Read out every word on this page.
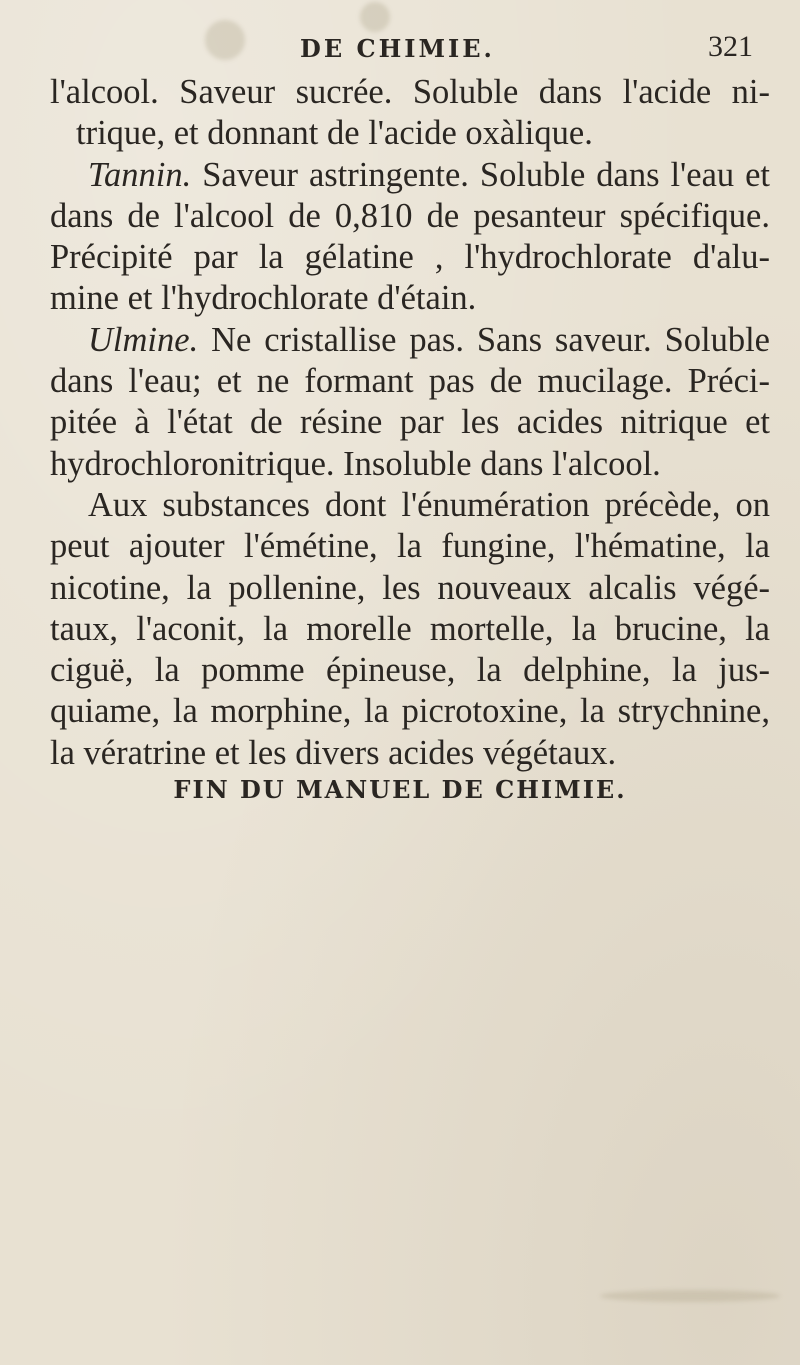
DE CHIMIE.	321
l'alcool. Saveur sucrée. Soluble dans l'acide ni-
trique, et donnant de l'acide oxàlique.
Tannin. Saveur astringente. Soluble dans l'eau et
dans de l'alcool de 0,810 de pesanteur spécifique.
Précipité par la gélatine , l'hydrochlorate d'alu-
mine et l'hydrochlorate d'étain.
Ulmine. Ne cristallise pas. Sans saveur. Soluble
dans l'eau; et ne formant pas de mucilage. Préci-
pitée à l'état de résine par les acides nitrique et
hydrochloronitrique. Insoluble dans l'alcool.
Aux substances dont l'énumération précède, on
peut ajouter l'émétine, la fungine, l'hématine, la
nicotine, la pollenine, les nouveaux alcalis végé-
taux, l'aconit, la morelle mortelle, la brucine, la
ciguë, la pomme épineuse, la delphine, la jus-
quiame, la morphine, la picrotoxine, la strychnine,
la vératrine et les divers acides végétaux.
FIN DU MANUEL DE CHIMIE.
